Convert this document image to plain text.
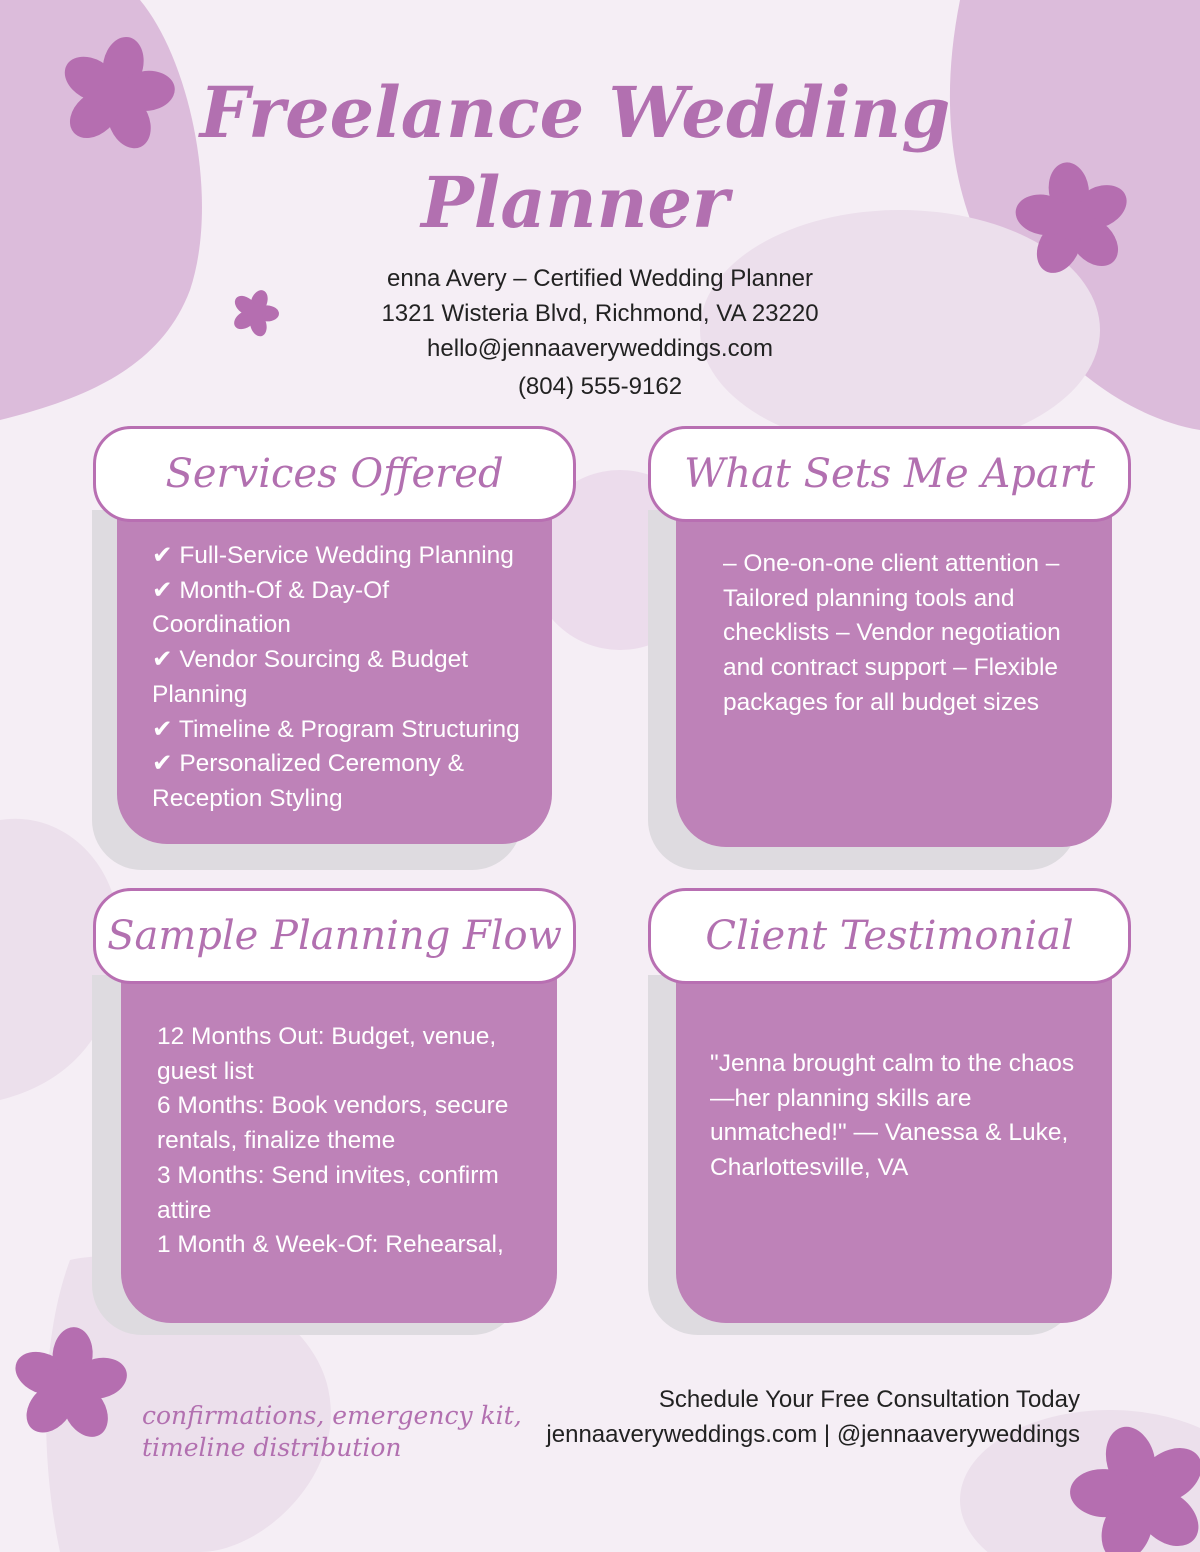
Freelance Wedding
Planner
enna Avery – Certified Wedding Planner
1321 Wisteria Blvd, Richmond, VA 23220
hello@jennaaveryweddings.com
(804) 555-9162
✔ Full-Service Wedding Planning
✔ Month-Of & Day-Of
Coordination
✔ Vendor Sourcing & Budget
Planning
✔ Timeline & Program Structuring
✔ Personalized Ceremony &
Reception Styling
Services Offered
– One-on-one client attention –
Tailored planning tools and
checklists – Vendor negotiation
and contract support – Flexible
packages for all budget sizes
What Sets Me Apart
12 Months Out: Budget, venue,
guest list
6 Months: Book vendors, secure
rentals, finalize theme
3 Months: Send invites, confirm
attire
1 Month & Week-Of: Rehearsal,
Sample Planning Flow
"Jenna brought calm to the chaos
—her planning skills are
unmatched!" — Vanessa & Luke,
Charlottesville, VA
Client Testimonial
confirmations, emergency kit,
timeline distribution
Schedule Your Free Consultation Today
jennaaveryweddings.com | @jennaaveryweddings
